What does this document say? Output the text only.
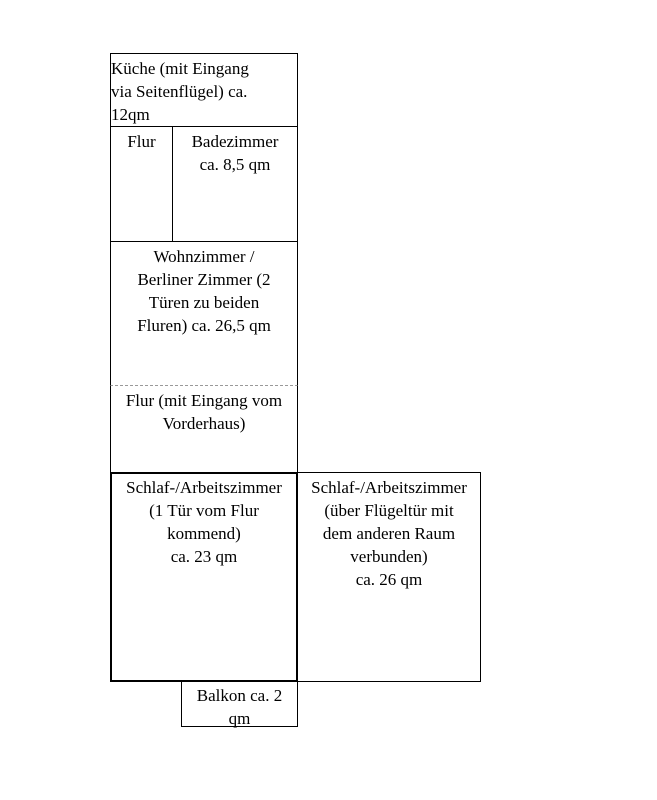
Küche (mit Eingang
via Seitenflügel) ca.
12qm
Flur	Badezimmer
ca. 8,5 qm
Wohnzimmer /
Berliner Zimmer (2
Türen zu beiden
Fluren) ca. 26,5 qm
Flur (mit Eingang vom
Vorderhaus)
Schlaf-/Arbeitszimmer
(1 Tür vom Flur
kommend)
ca. 23 qm
Schlaf-/Arbeitszimmer
(über Flügeltür mit
dem anderen Raum
verbunden)
ca. 26 qm
Balkon ca. 2
qm
